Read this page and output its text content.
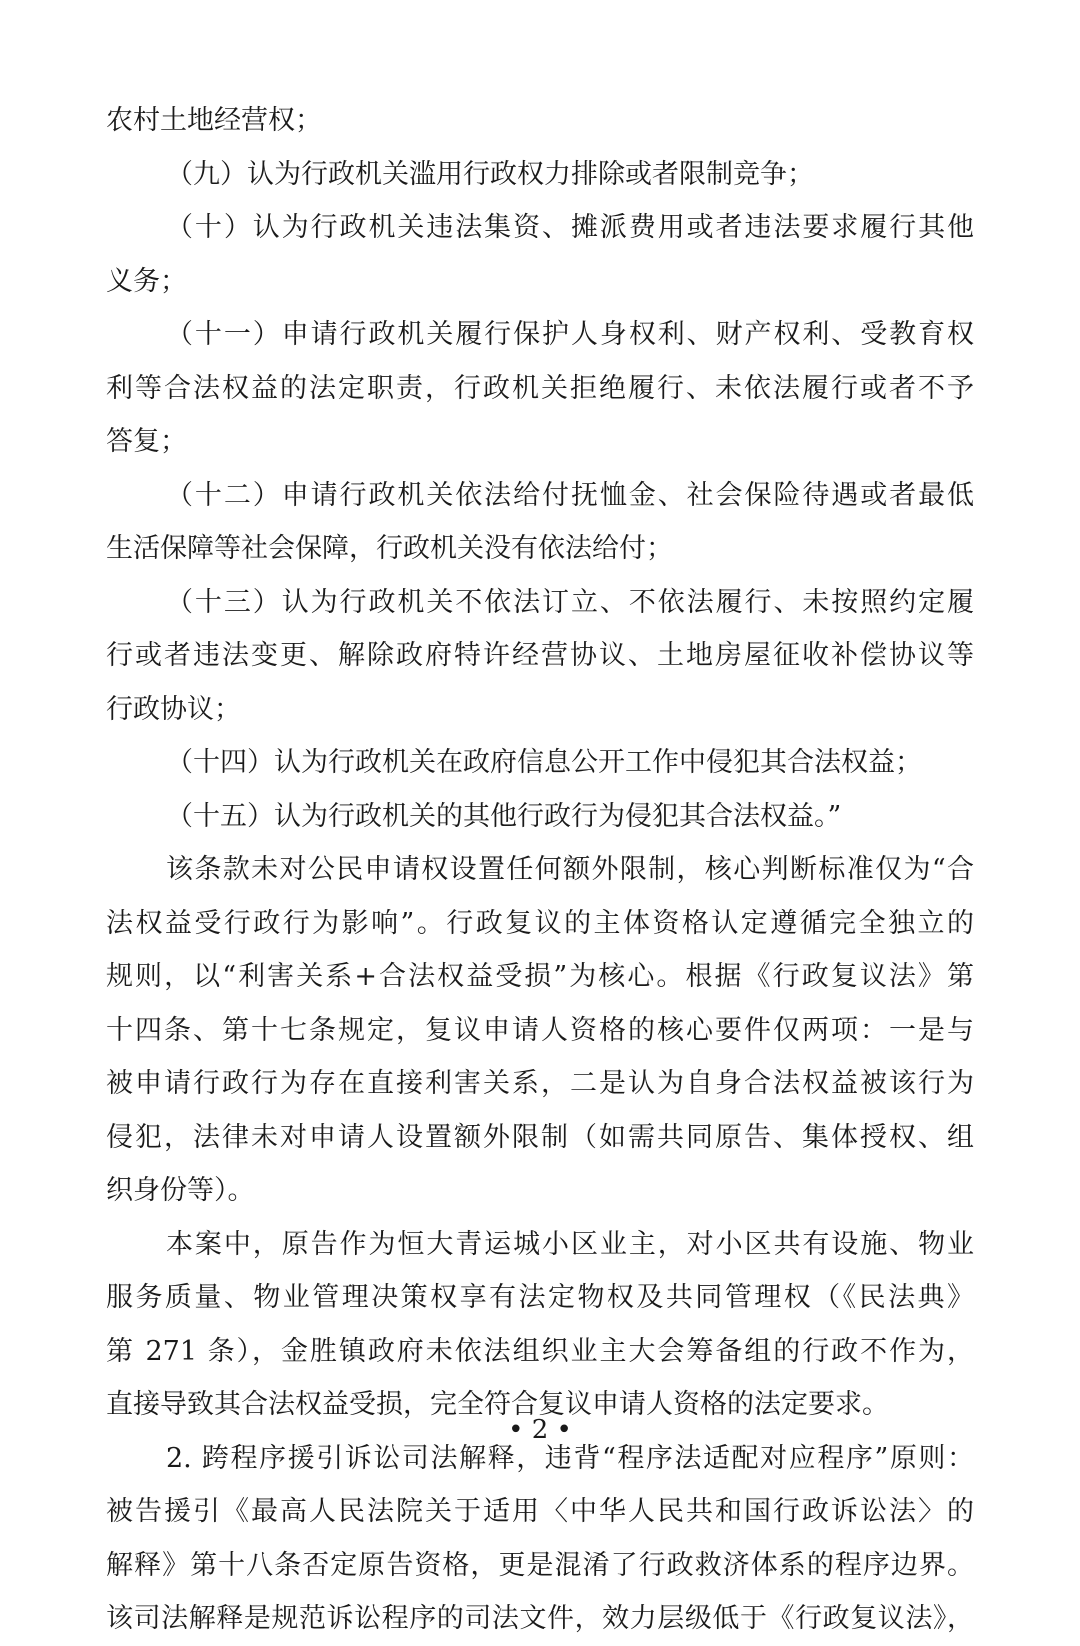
农村土地经营权；
（九）认为行政机关滥用行政权力排除或者限制竞争；
（十）认为行政机关违法集资、摊派费用或者违法要求履行其他
义务；
（十一）申请行政机关履行保护人身权利、财产权利、受教育权
利等合法权益的法定职责，行政机关拒绝履行、未依法履行或者不予
答复；
（十二）申请行政机关依法给付抚恤金、社会保险待遇或者最低
生活保障等社会保障，行政机关没有依法给付；
（十三）认为行政机关不依法订立、不依法履行、未按照约定履
行或者违法变更、解除政府特许经营协议、土地房屋征收补偿协议等
行政协议；
（十四）认为行政机关在政府信息公开工作中侵犯其合法权益；
（十五）认为行政机关的其他行政行为侵犯其合法权益。”
该条款未对公民申请权设置任何额外限制，核心判断标准仅为“合
法权益受行政行为影响”。行政复议的主体资格认定遵循完全独立的
规则，以“利害关系+合法权益受损”为核心。根据《行政复议法》第
十四条、第十七条规定，复议申请人资格的核心要件仅两项：一是与
被申请行政行为存在直接利害关系，二是认为自身合法权益被该行为
侵犯，法律未对申请人设置额外限制（如需共同原告、集体授权、组
织身份等）。
本案中，原告作为恒大青运城小区业主，对小区共有设施、物业
服务质量、物业管理决策权享有法定物权及共同管理权（《民法典》
第 271 条），金胜镇政府未依法组织业主大会筹备组的行政不作为，
直接导致其合法权益受损，完全符合复议申请人资格的法定要求。
2. 跨程序援引诉讼司法解释，违背“程序法适配对应程序”原则：
被告援引《最高人民法院关于适用〈中华人民共和国行政诉讼法〉的
解释》第十八条否定原告资格，更是混淆了行政救济体系的程序边界。
该司法解释是规范诉讼程序的司法文件，效力层级低于《行政复议法》，
• 2 •
